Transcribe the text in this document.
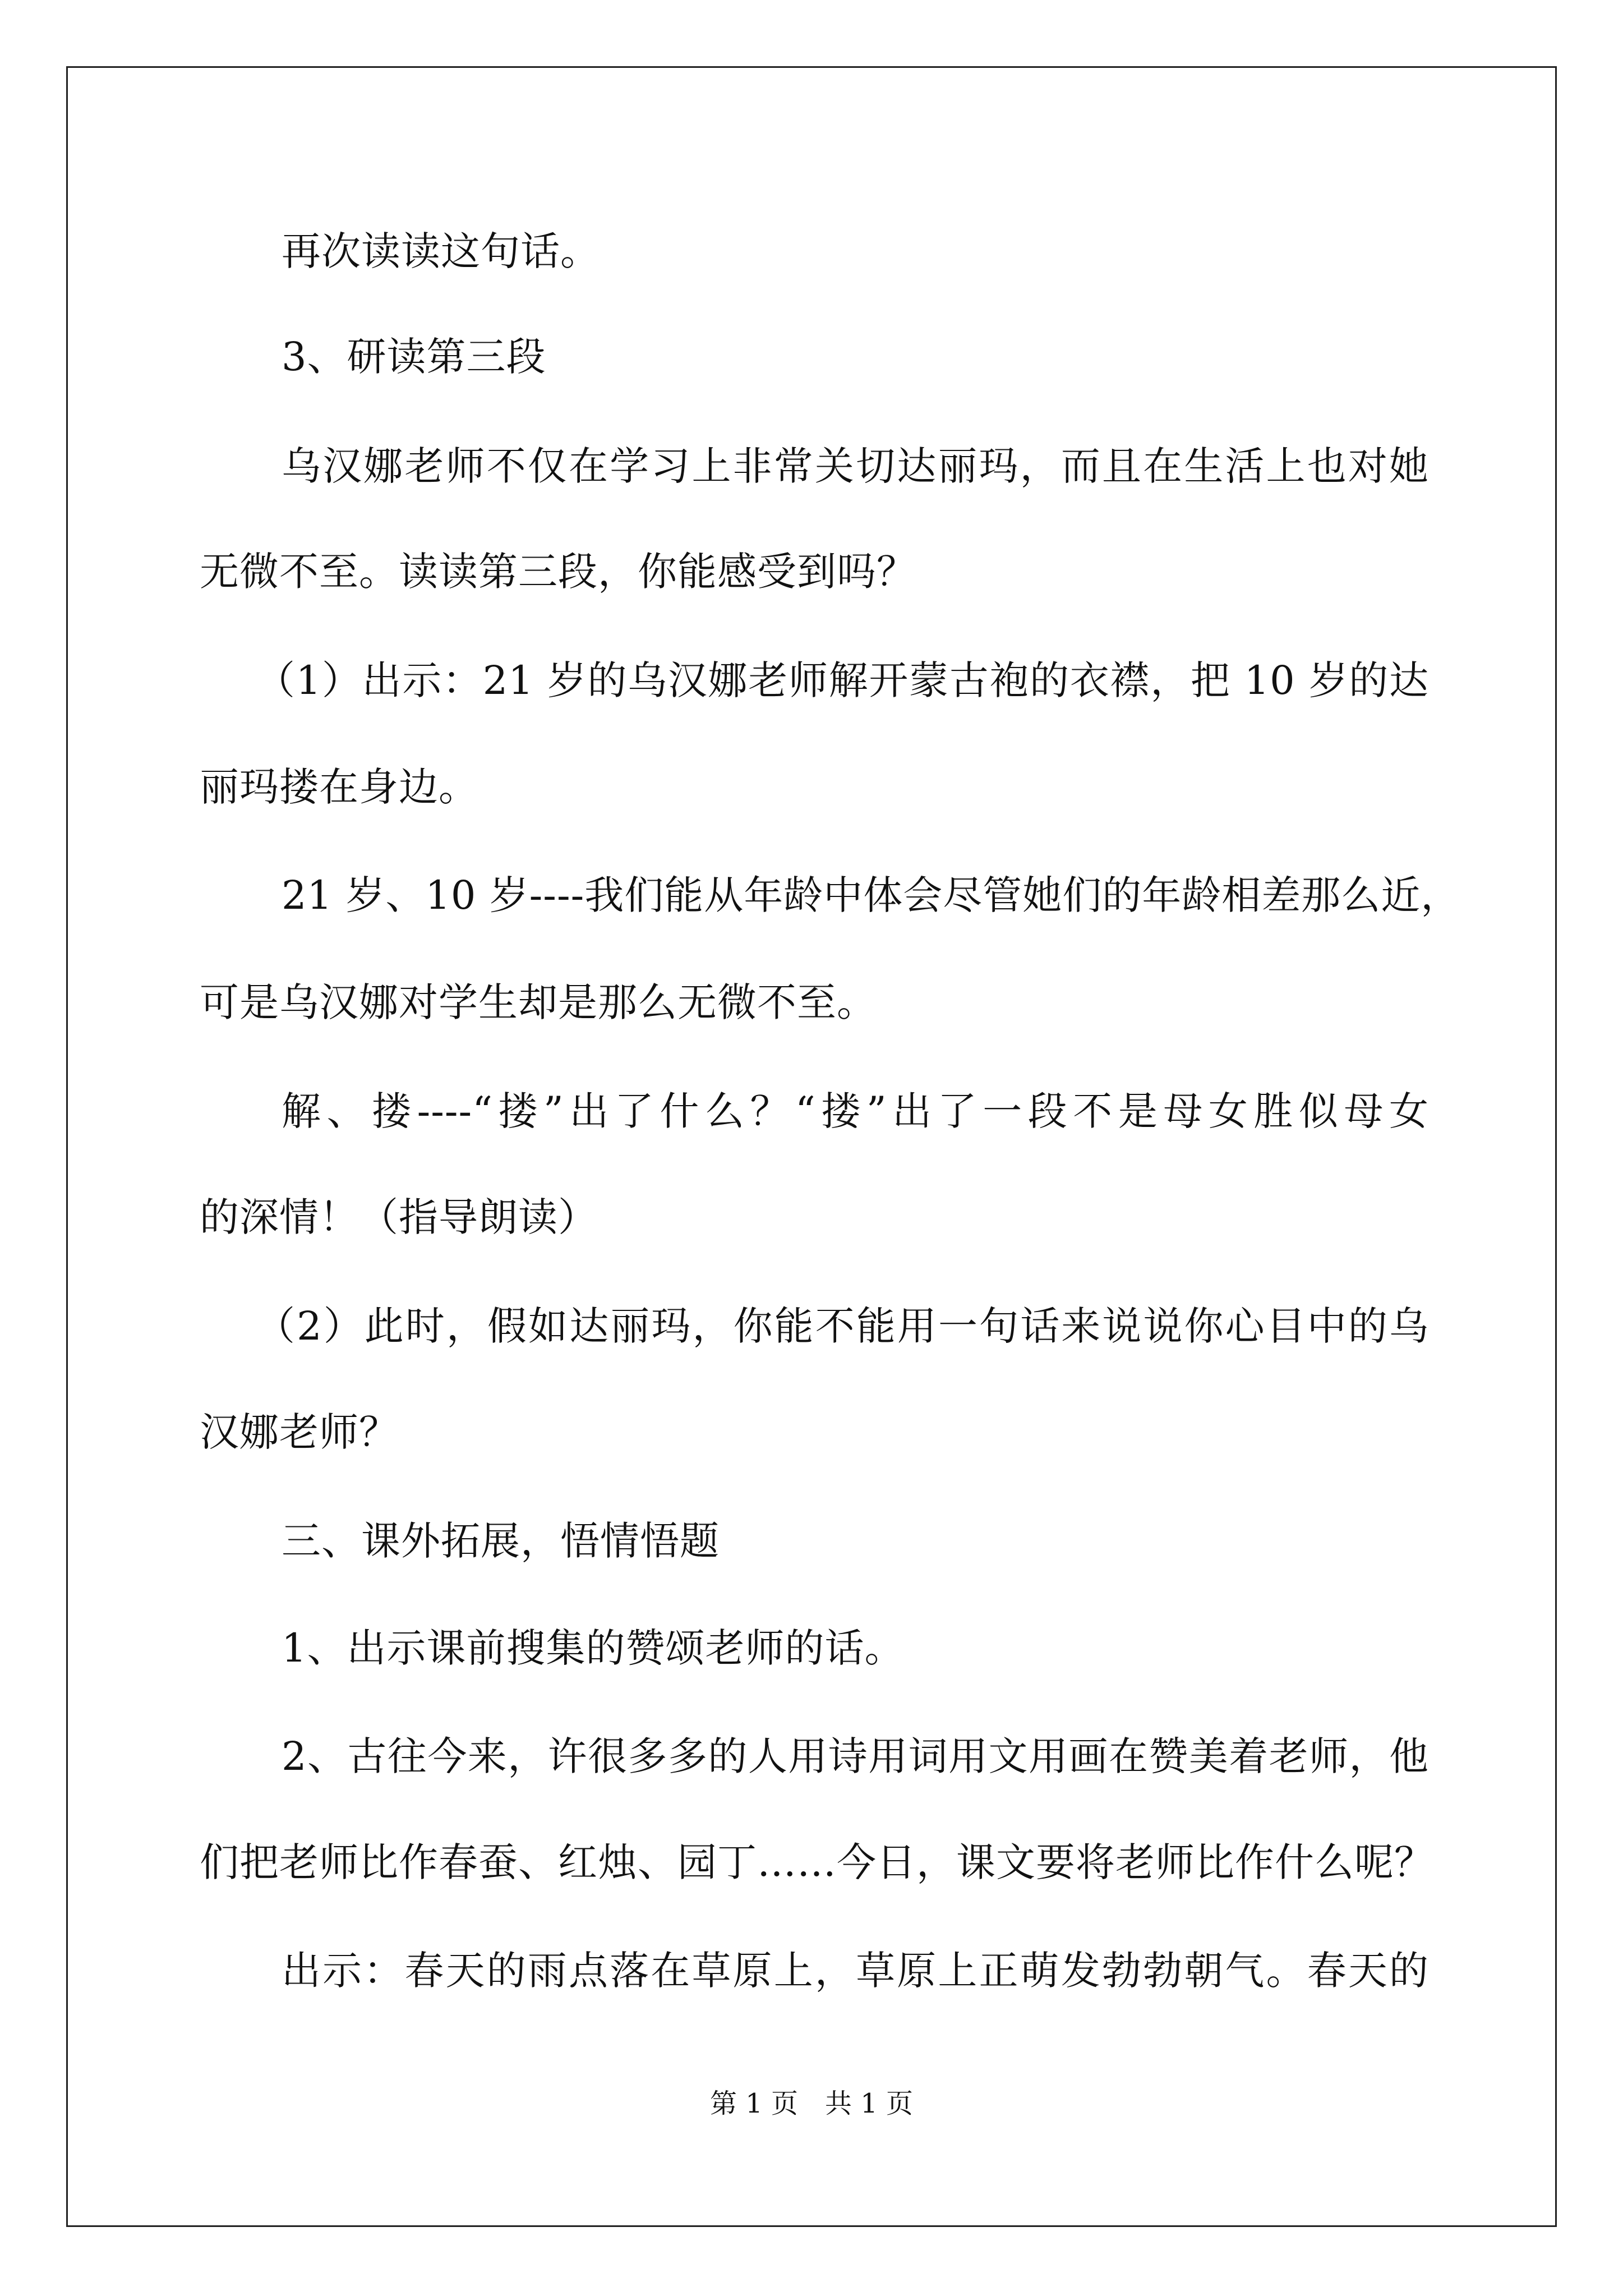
再次读读这句话。
3、研读第三段
乌汉娜老师不仅在学习上非常关切达丽玛，而且在生活上也对她
无微不至。读读第三段，你能感受到吗？
（1）出示：21 岁的乌汉娜老师解开蒙古袍的衣襟，把 10 岁的达
丽玛搂在身边。
21 岁、10 岁----我们能从年龄中体会尽管她们的年龄相差那么近，
可是乌汉娜对学生却是那么无微不至。
解、搂----“搂”出了什么？“搂”出了一段不是母女胜似母女
的深情！（指导朗读）
（2）此时，假如达丽玛，你能不能用一句话来说说你心目中的乌
汉娜老师？
三、课外拓展，悟情悟题
1、出示课前搜集的赞颂老师的话。
2、古往今来，许很多多的人用诗用词用文用画在赞美着老师，他
们把老师比作春蚕、红烛、园丁……今日，课文要将老师比作什么呢？
出示：春天的雨点落在草原上，草原上正萌发勃勃朝气。春天的
第 1 页　共 1 页
